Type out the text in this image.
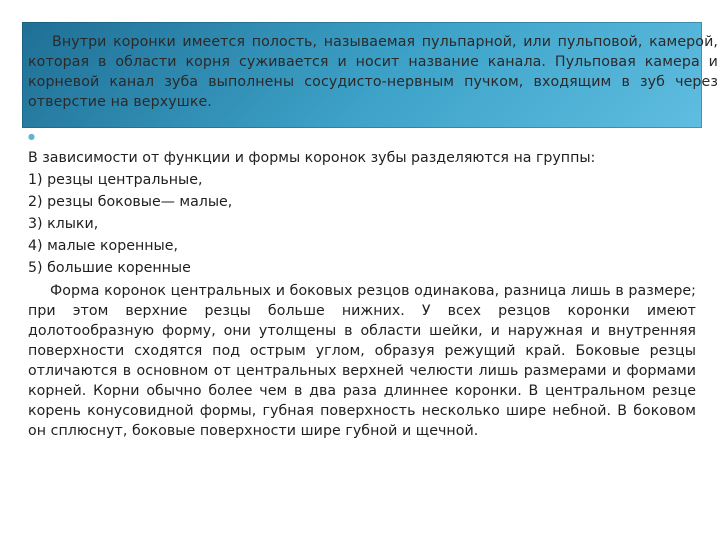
Внутри коронки имеется полость, называемая пульпарной, или пульповой, камерой, которая в области корня суживается и носит название канала. Пульповая камера и корневой канал зуба выполнены сосудисто-нервным пучком, входящим в зуб через отверстие на верхушке.

●

В зависимости от функции и формы коронок зубы разделяются на группы:

1) резцы центральные,

2) резцы боковые— малые,

3) клыки,

4) малые коренные,

5) большие коренные

Форма коронок центральных и боковых резцов одинакова, разница лишь в размере; при этом верхние резцы больше нижних. У всех резцов коронки имеют долотообразную форму, они утолщены в области шейки, и наружная и внутренняя поверхности сходятся под острым углом, образуя режущий край. Боковые резцы отличаются в основном от центральных верхней челюсти лишь размерами и формами корней. Корни обычно более чем в два раза длиннее коронки. В центральном резце корень конусовидной формы, губная поверхность несколько шире небной. В боковом он сплюснут, боковые поверхности шире губной и щечной.
